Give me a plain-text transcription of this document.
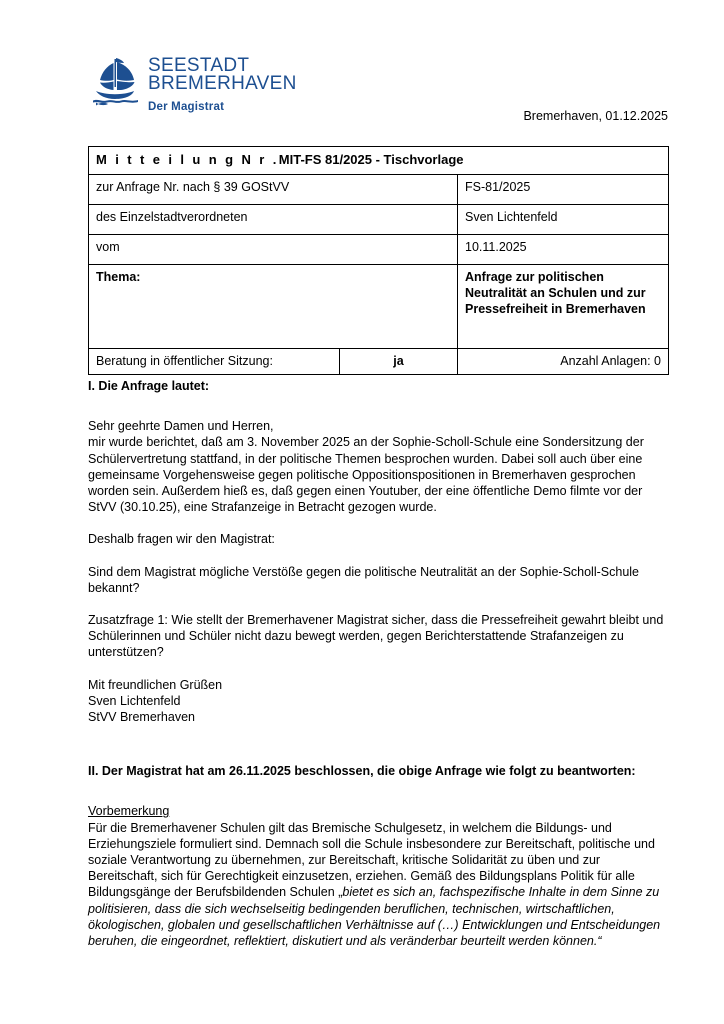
SEESTADT
BREMERHAVEN
Der Magistrat
Bremerhaven, 01.12.2025
M i t t e i l u n g N r .MIT-FS 81/2025 - Tischvorlage		
zur Anfrage Nr. nach § 39 GOStVV		FS-81/2025
des Einzelstadtverordneten		Sven Lichtenfeld
vom		10.11.2025
Thema:		Anfrage zur politischen Neutralität an Schulen und zur Pressefreiheit in Bremerhaven
Beratung in öffentlicher Sitzung:	ja	Anzahl Anlagen: 0

I. Die Anfrage lautet:

Sehr geehrte Damen und Herren,

mir wurde berichtet, daß am 3. November 2025 an der Sophie-Scholl-Schule eine Sondersitzung der Schülervertretung stattfand, in der politische Themen besprochen wurden. Dabei soll auch über eine gemeinsame Vorgehensweise gegen politische Oppositionspositionen in Bremerhaven gesprochen worden sein. Außerdem hieß es, daß gegen einen Youtuber, der eine öffentliche Demo filmte vor der StVV (30.10.25), eine Strafanzeige in Betracht gezogen wurde.

Deshalb fragen wir den Magistrat:

Sind dem Magistrat mögliche Verstöße gegen die politische Neutralität an der Sophie-Scholl-Schule bekannt?

Zusatzfrage 1: Wie stellt der Bremerhavener Magistrat sicher, dass die Pressefreiheit gewahrt bleibt und Schülerinnen und Schüler nicht dazu bewegt werden, gegen Berichterstattende Strafanzeigen zu unterstützen?

Mit freundlichen Grüßen

Sven Lichtenfeld

StVV Bremerhaven

II. Der Magistrat hat am 26.11.2025 beschlossen, die obige Anfrage wie folgt zu beantworten:

Vorbemerkung

Für die Bremerhavener Schulen gilt das Bremische Schulgesetz, in welchem die Bildungs- und Erziehungsziele formuliert sind. Demnach soll die Schule insbesondere zur Bereitschaft, politische und soziale Verantwortung zu übernehmen, zur Bereitschaft, kritische Solidarität zu üben und zur Bereitschaft, sich für Gerechtigkeit einzusetzen, erziehen. Gemäß des Bildungsplans Politik für alle Bildungsgänge der Berufsbildenden Schulen „bietet es sich an, fachspezifische Inhalte in dem Sinne zu politisieren, dass die sich wechselseitig bedingenden beruflichen, technischen, wirtschaftlichen, ökologischen, globalen und gesellschaftlichen Verhältnisse auf (…) Entwicklungen und Entscheidungen beruhen, die eingeordnet, reflektiert, diskutiert und als veränderbar beurteilt werden können.“
